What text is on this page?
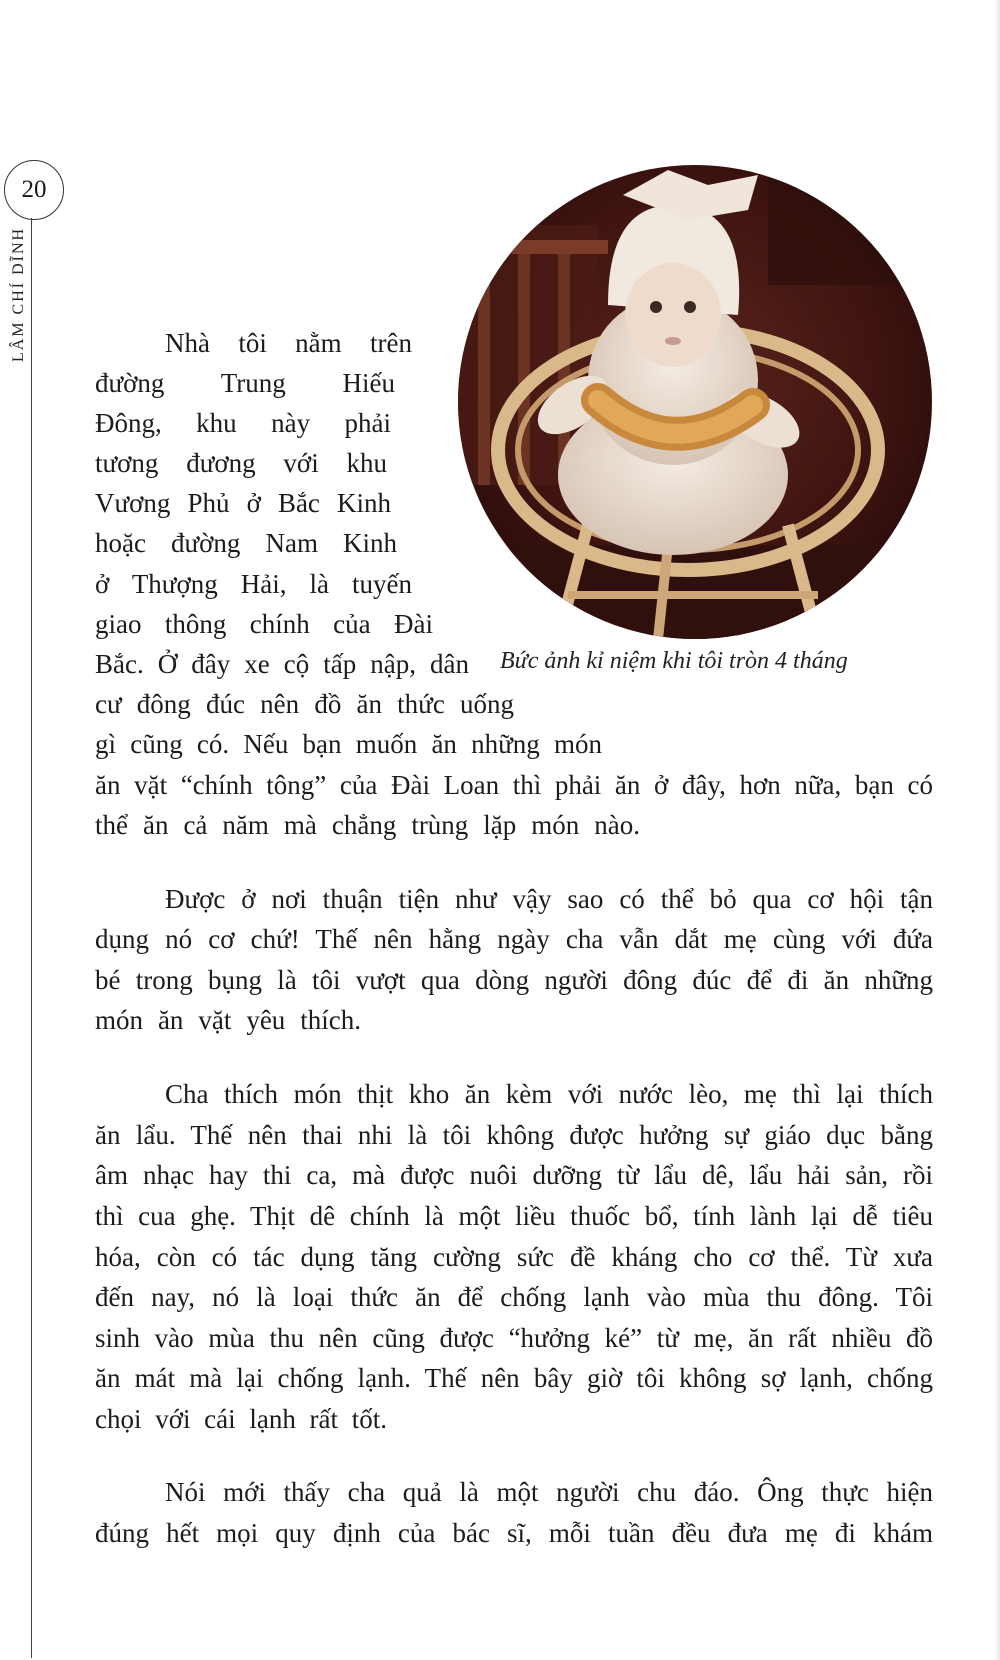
20
LÂM CHÍ DĨNH
Bức ảnh kỉ niệm khi tôi tròn 4 tháng
Nhà tôi nằm trên
đường Trung Hiếu
Đông, khu này phải
tương đương với khu
Vương Phủ ở Bắc Kinh
hoặc đường Nam Kinh
ở Thượng Hải, là tuyến
giao thông chính của Đài
Bắc. Ở đây xe cộ tấp nập, dân
cư đông đúc nên đồ ăn thức uống
gì cũng có. Nếu bạn muốn ăn những món
ăn vặt “chính tông” của Đài Loan thì phải ăn ở đây, hơn nữa, bạn có
thể ăn cả năm mà chẳng trùng lặp món nào.
Được ở nơi thuận tiện như vậy sao có thể bỏ qua cơ hội tận
dụng nó cơ chứ! Thế nên hằng ngày cha vẫn dắt mẹ cùng với đứa
bé trong bụng là tôi vượt qua dòng người đông đúc để đi ăn những
món ăn vặt yêu thích.
Cha thích món thịt kho ăn kèm với nước lèo, mẹ thì lại thích
ăn lẩu. Thế nên thai nhi là tôi không được hưởng sự giáo dục bằng
âm nhạc hay thi ca, mà được nuôi dưỡng từ lẩu dê, lẩu hải sản, rồi
thì cua ghẹ. Thịt dê chính là một liều thuốc bổ, tính lành lại dễ tiêu
hóa, còn có tác dụng tăng cường sức đề kháng cho cơ thể. Từ xưa
đến nay, nó là loại thức ăn để chống lạnh vào mùa thu đông. Tôi
sinh vào mùa thu nên cũng được “hưởng ké” từ mẹ, ăn rất nhiều đồ
ăn mát mà lại chống lạnh. Thế nên bây giờ tôi không sợ lạnh, chống
chọi với cái lạnh rất tốt.
Nói mới thấy cha quả là một người chu đáo. Ông thực hiện
đúng hết mọi quy định của bác sĩ, mỗi tuần đều đưa mẹ đi khám
